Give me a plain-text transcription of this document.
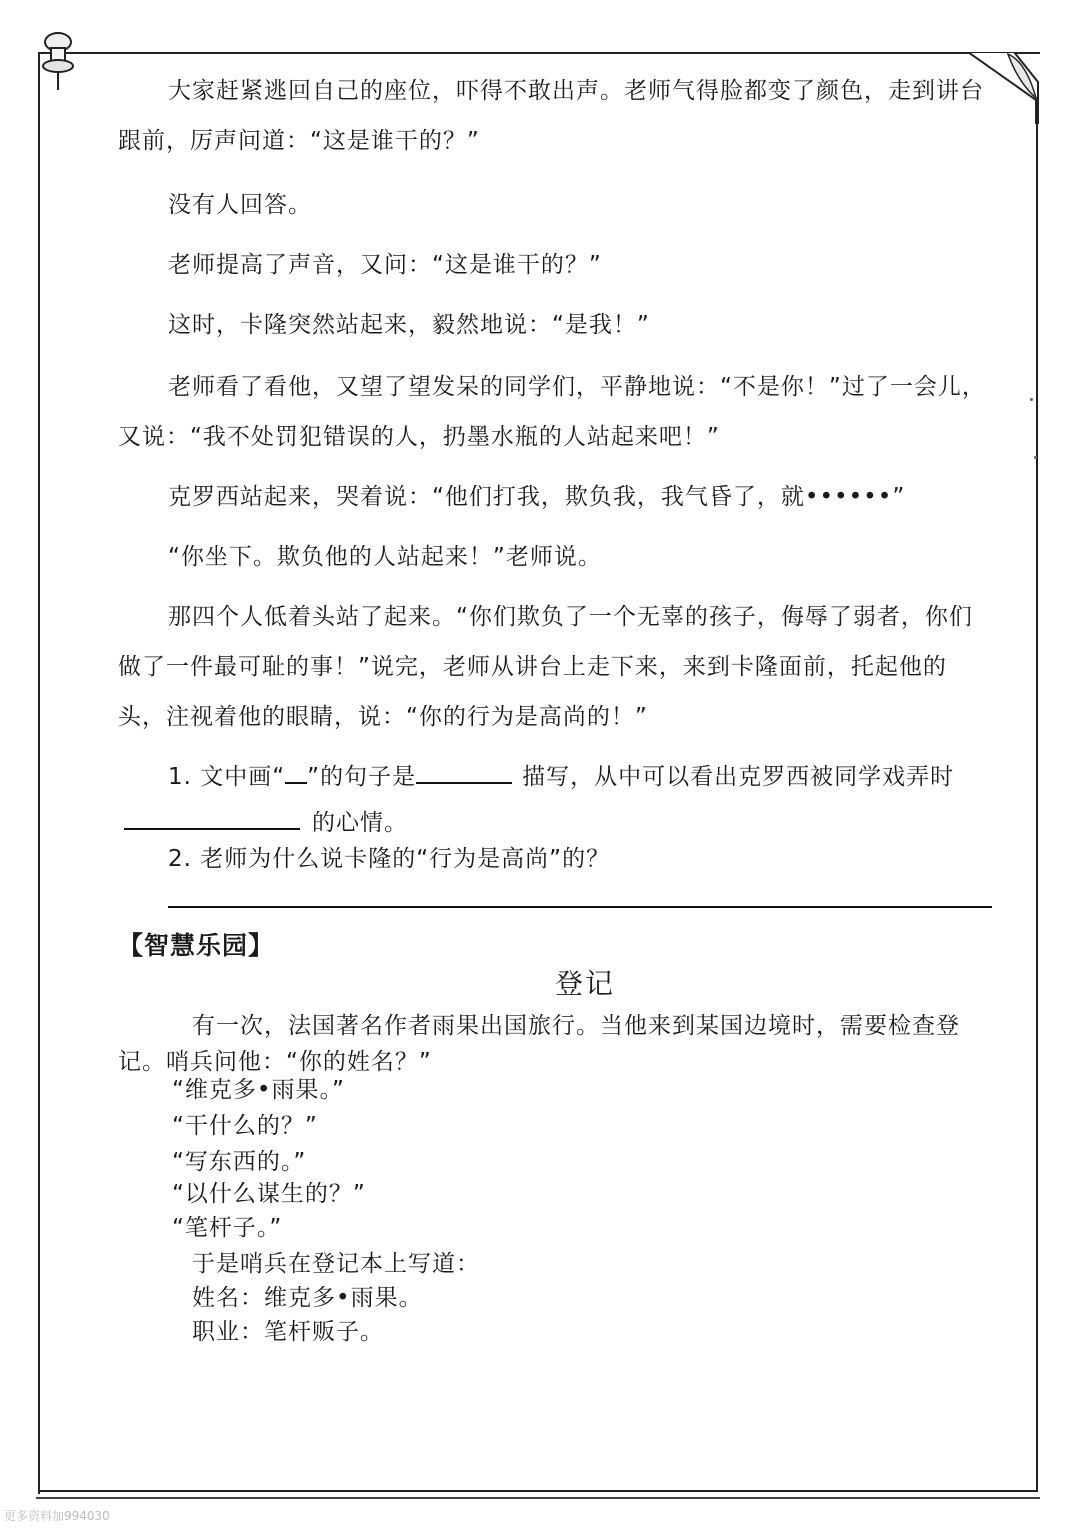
大家赶紧逃回自己的座位，吓得不敢出声。老师气得脸都变了颜色，走到讲台跟前，厉声问道：“这是谁干的？”

没有人回答。

老师提高了声音，又问：“这是谁干的？”

这时，卡隆突然站起来，毅然地说：“是我！”

老师看了看他，又望了望发呆的同学们，平静地说：“不是你！”过了一会儿，又说：“我不处罚犯错误的人，扔墨水瓶的人站起来吧！”

克罗西站起来，哭着说：“他们打我，欺负我，我气昏了，就••••••”

“你坐下。欺负他的人站起来！”老师说。

那四个人低着头站了起来。“你们欺负了一个无辜的孩子，侮辱了弱者，你们做了一件最可耻的事！”说完，老师从讲台上走下来，来到卡隆面前，托起他的头，注视着他的眼睛，说：“你的行为是高尚的！”

1. 文中画“ ”的句子是	描写，从中可以看出克罗西被同学戏弄时的心情。

2. 老师为什么说卡隆的“行为是高尚”的？

【智慧乐园】
登记

有一次，法国著名作者雨果出国旅行。当他来到某国边境时，需要检查登记。哨兵问他：“你的姓名？”

“维克多•雨果。”

“干什么的？”

“写东西的。”

“以什么谋生的？”

“笔杆子。”

于是哨兵在登记本上写道：

姓名：维克多•雨果。

职业：笔杆贩子。

更多资料加994030
